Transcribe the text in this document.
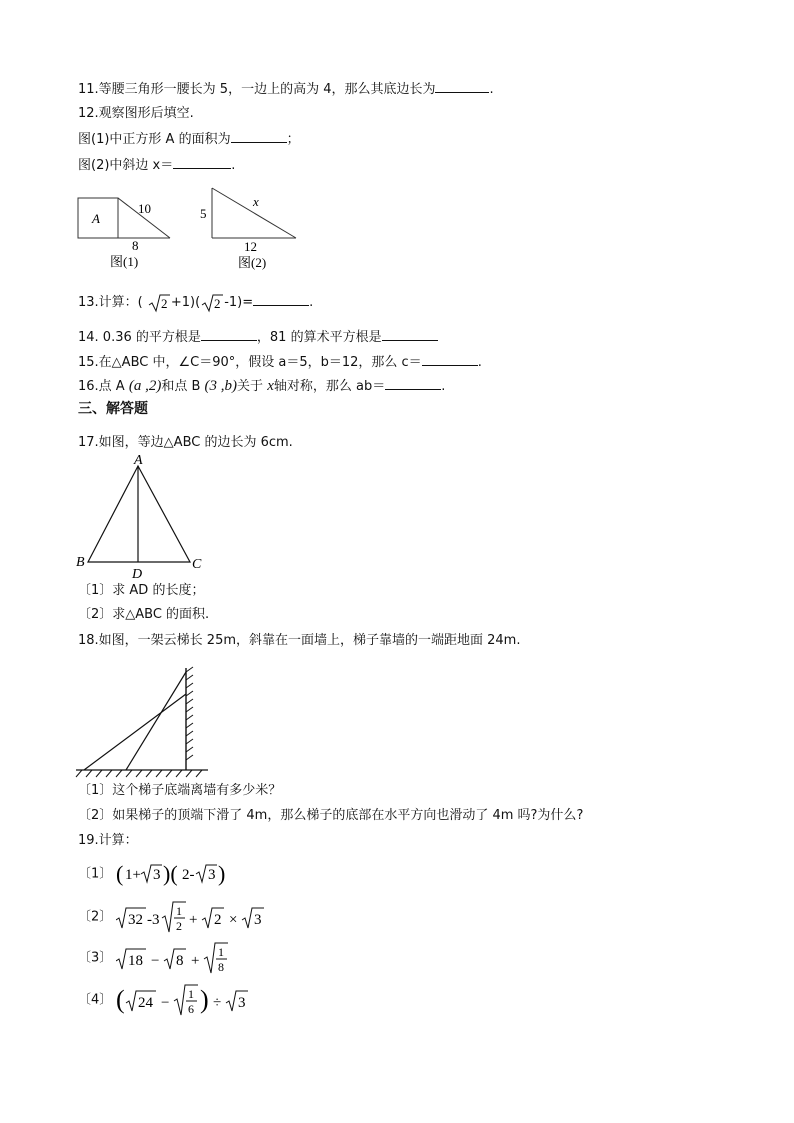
11.等腰三角形一腰长为 5，一边上的高为 4，那么其底边长为	.
12.观察图形后填空.
图(1)中正方形 A 的面积为	；
图(2)中斜边 x＝	.
A
10
8
图(1)
5
x
12
图(2)
13.计算：( 2 +1)( 2 -1)=	.
14. 0.36 的平方根是	，81 的算术平方根是
15.在△ABC 中，∠C＝90°，假设 a＝5，b＝12，那么 c＝	.
16.点 A (a ,2)和点 B (3 ,b)关于 x轴对称，那么 ab＝	.
三、解答题
17.如图，等边△ABC 的边长为 6cm.
A
B	C
D
〔1〕求 AD 的长度；
〔2〕求△ABC 的面积.
18.如图，一架云梯长 25m，斜靠在一面墙上，梯子靠墙的一端距地面 24m.
〔1〕这个梯子底端离墙有多少米？
〔2〕如果梯子的顶端下滑了 4m，那么梯子的底部在水平方向也滑动了 4m 吗?为什么?
19.计算：
〔1〕 ( 1+ 3 )( 2- 3 )
〔2〕 32 -3
1
2 + 2 × 3
〔3〕 18 − 8 +
1
8
〔4〕 ( 24 −
1
6 ) ÷ 3
